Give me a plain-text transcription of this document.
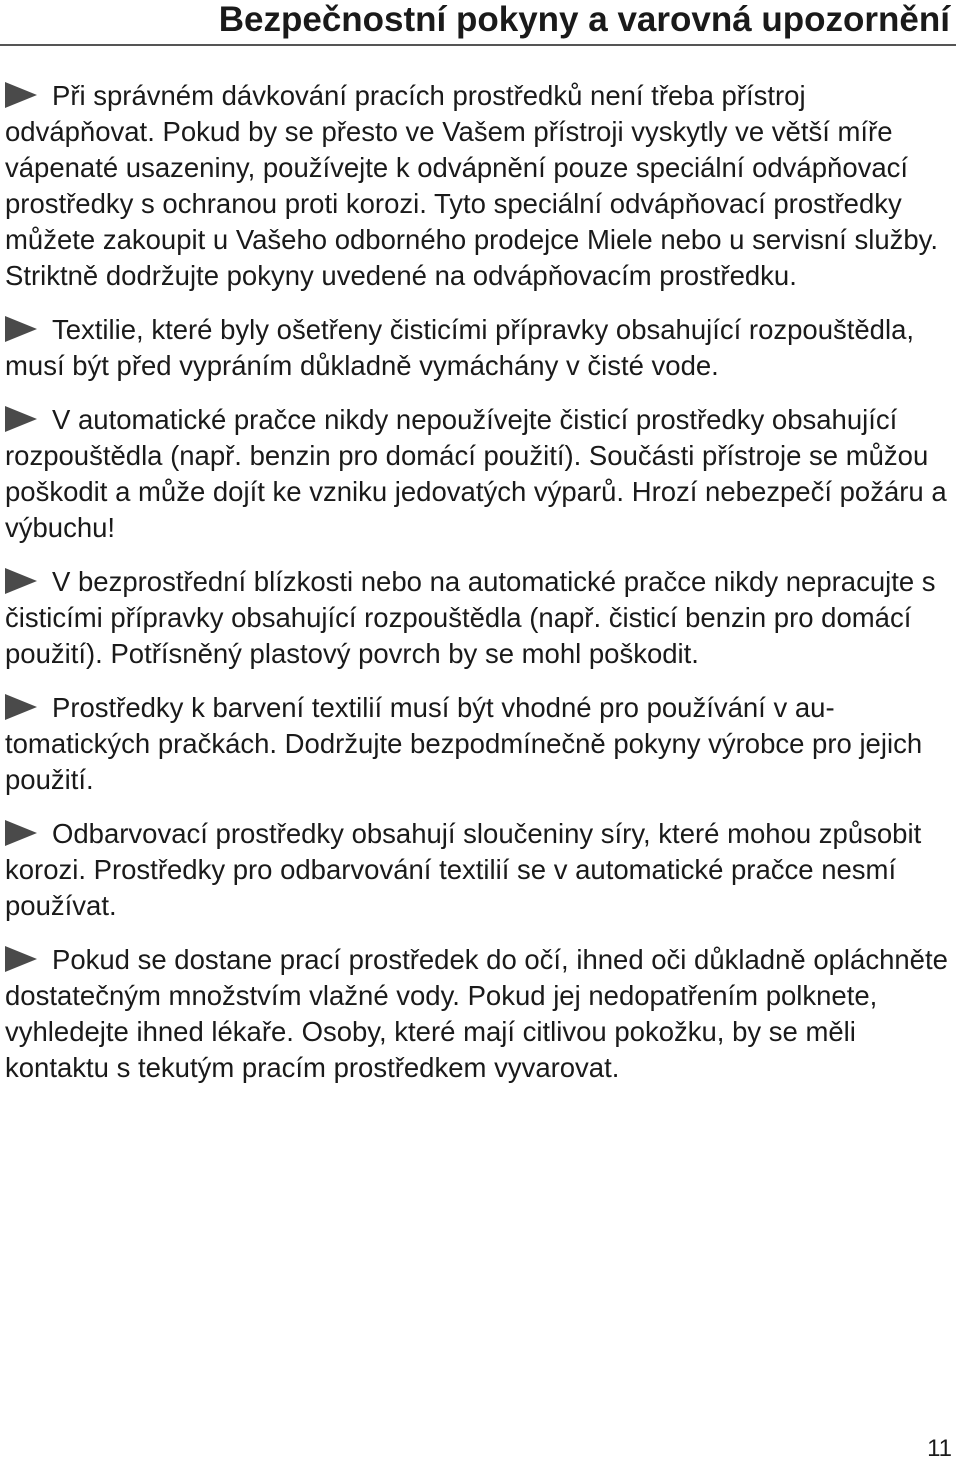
Bezpečnostní pokyny a varovná upozornění

Při správném dávkování pracích prostředků není třeba přístroj odvápňovat. Pokud by se přesto ve Vašem přístroji vyskytly ve větší míře vápenaté usazeniny, používejte k odvápnění pouze speciální odvápňovací prostředky s ochranou proti korozi. Tyto speciální odvápňovací prostředky můžete zakoupit u Vašeho odborného prodejce Miele nebo u servisní služby. Striktně dodržujte pokyny uvedené na odvápňovacím prostředku.

Textilie, které byly ošetřeny čisticími přípravky obsahující rozpouštědla, musí být před vypráním důkladně vymáchány v čisté vode.

V automatické pračce nikdy nepoužívejte čisticí prostředky obsahující rozpouštědla (např. benzin pro domácí použití). Součásti přístroje se můžou poškodit a může dojít ke vzniku jedovatých výparů. Hrozí nebezpečí požáru a výbuchu!

V bezprostřední blízkosti nebo na automatické pračce nikdy nepracujte s čisticími přípravky obsahující rozpouštědla (např. čisticí benzin pro domácí použití). Potřísněný plastový povrch by se mohl poškodit.

Prostředky k barvení textilií musí být vhodné pro používání v automatických pračkách. Dodržujte bezpodmínečně pokyny výrobce pro jejich použití.

Odbarvovací prostředky obsahují sloučeniny síry, které mohou způsobit korozi. Prostředky pro odbarvování textilií se v automatické pračce nesmí používat.

Pokud se dostane prací prostředek do očí, ihned oči důkladně opláchněte dostatečným množstvím vlažné vody. Pokud jej nedopatřením polknete, vyhledejte ihned lékaře. Osoby, které mají citlivou pokožku, by se měli kontaktu s tekutým pracím prostředkem vyvarovat.

11
